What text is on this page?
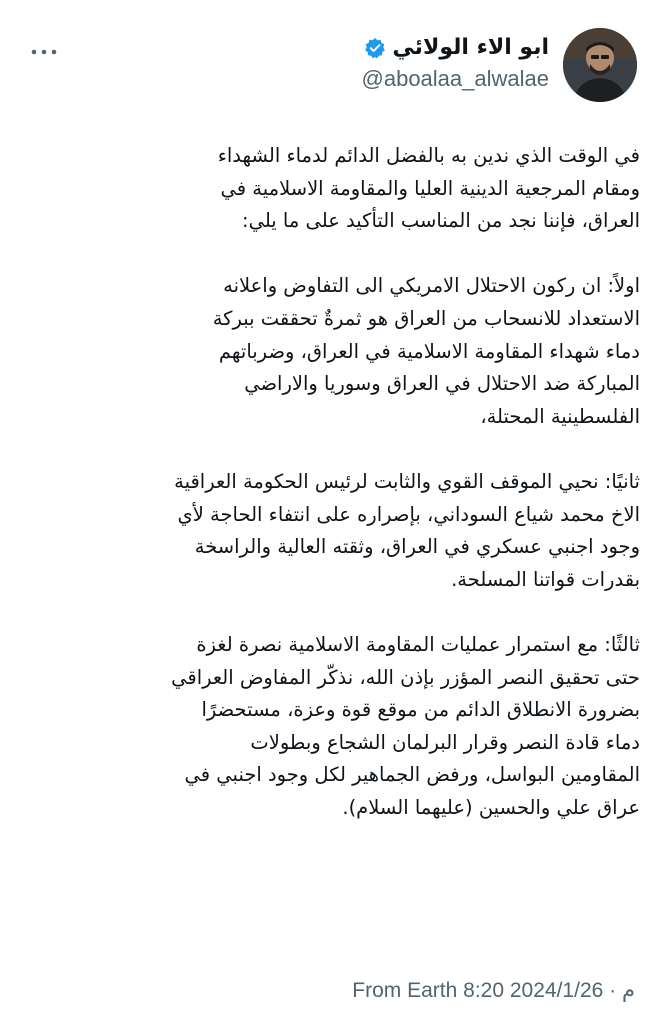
ابو الاء الولائي
@aboalaa_alwalae

في الوقت الذي ندين به بالفضل الدائم لدماء الشهداء
ومقام المرجعية الدينية العليا والمقاومة الاسلامية في
العراق، فإننا نجد من المناسب التأكيد على ما يلي:

اولاً: ان ركون الاحتلال الامريكي الى التفاوض واعلانه
الاستعداد للانسحاب من العراق هو ثمرةٌ تحققت ببركة
دماء شهداء المقاومة الاسلامية في العراق، وضرباتهم
المباركة ضد الاحتلال في العراق وسوريا والاراضي
الفلسطينية المحتلة،

ثانيًا: نحيي الموقف القوي والثابت لرئيس الحكومة العراقية
الاخ محمد شياع السوداني، بإصراره على انتفاء الحاجة لأي
وجود اجنبي عسكري في العراق، وثقته العالية والراسخة
بقدرات قواتنا المسلحة.

ثالثًا: مع استمرار عمليات المقاومة الاسلامية نصرة لغزة
حتى تحقيق النصر المؤزر بإذن الله، نذكّر المفاوض العراقي
بضرورة الانطلاق الدائم من موقع قوة وعزة، مستحضرًا
دماء قادة النصر وقرار البرلمان الشجاع وبطولات
المقاومين البواسل، ورفض الجماهير لكل وجود اجنبي في
عراق علي والحسين (عليهما السلام).

From Earth 8:20 م · 2024/1/26
